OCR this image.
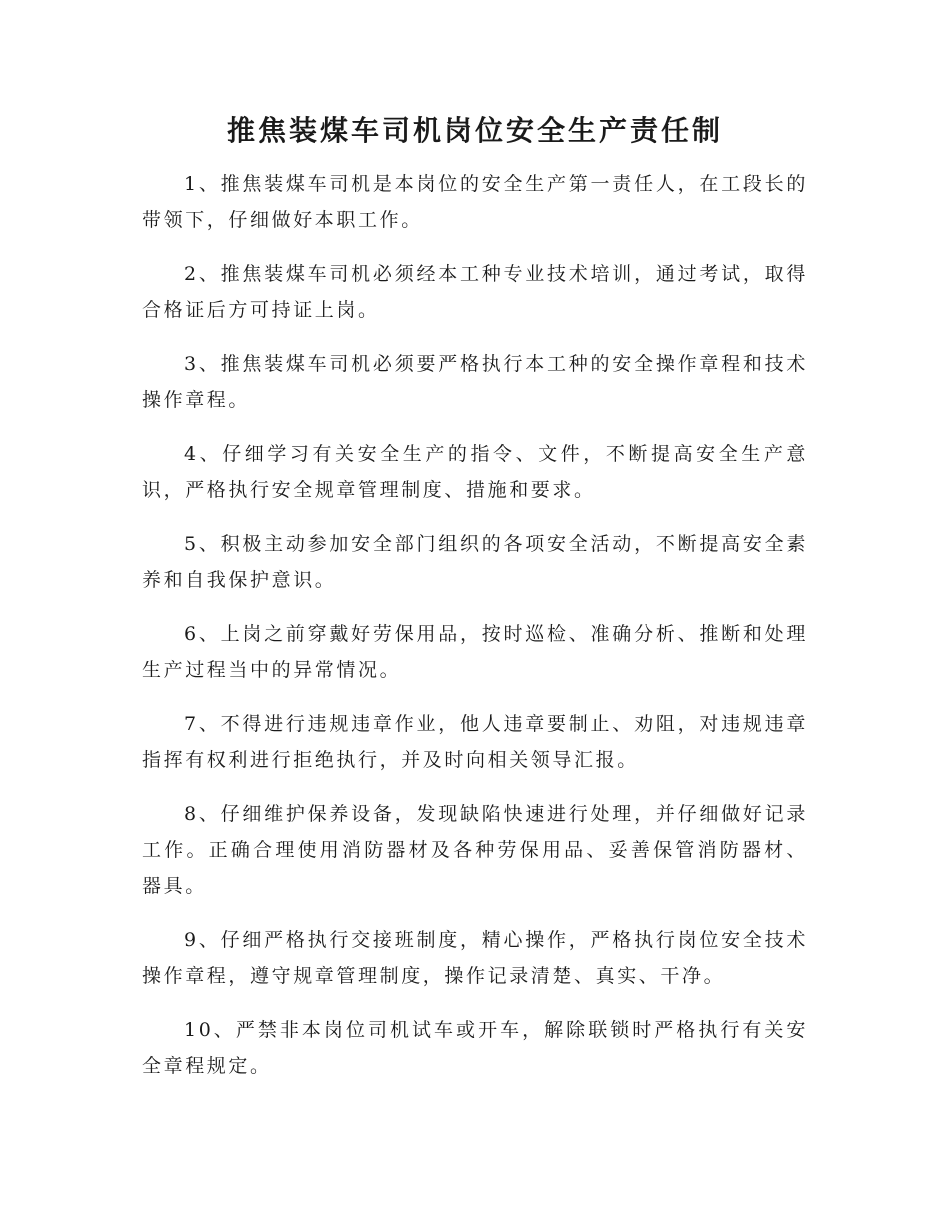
推焦装煤车司机岗位安全生产责任制

1、推焦装煤车司机是本岗位的安全生产第一责任人，在工段长的带领下，仔细做好本职工作。

2、推焦装煤车司机必须经本工种专业技术培训，通过考试，取得合格证后方可持证上岗。

3、推焦装煤车司机必须要严格执行本工种的安全操作章程和技术操作章程。

4、仔细学习有关安全生产的指令、文件，不断提高安全生产意识，严格执行安全规章管理制度、措施和要求。

5、积极主动参加安全部门组织的各项安全活动，不断提高安全素养和自我保护意识。

6、上岗之前穿戴好劳保用品，按时巡检、准确分析、推断和处理生产过程当中的异常情况。

7、不得进行违规违章作业，他人违章要制止、劝阻，对违规违章指挥有权利进行拒绝执行，并及时向相关领导汇报。

8、仔细维护保养设备，发现缺陷快速进行处理，并仔细做好记录工作。正确合理使用消防器材及各种劳保用品、妥善保管消防器材、器具。

9、仔细严格执行交接班制度，精心操作，严格执行岗位安全技术操作章程，遵守规章管理制度，操作记录清楚、真实、干净。

10、严禁非本岗位司机试车或开车，解除联锁时严格执行有关安全章程规定。
